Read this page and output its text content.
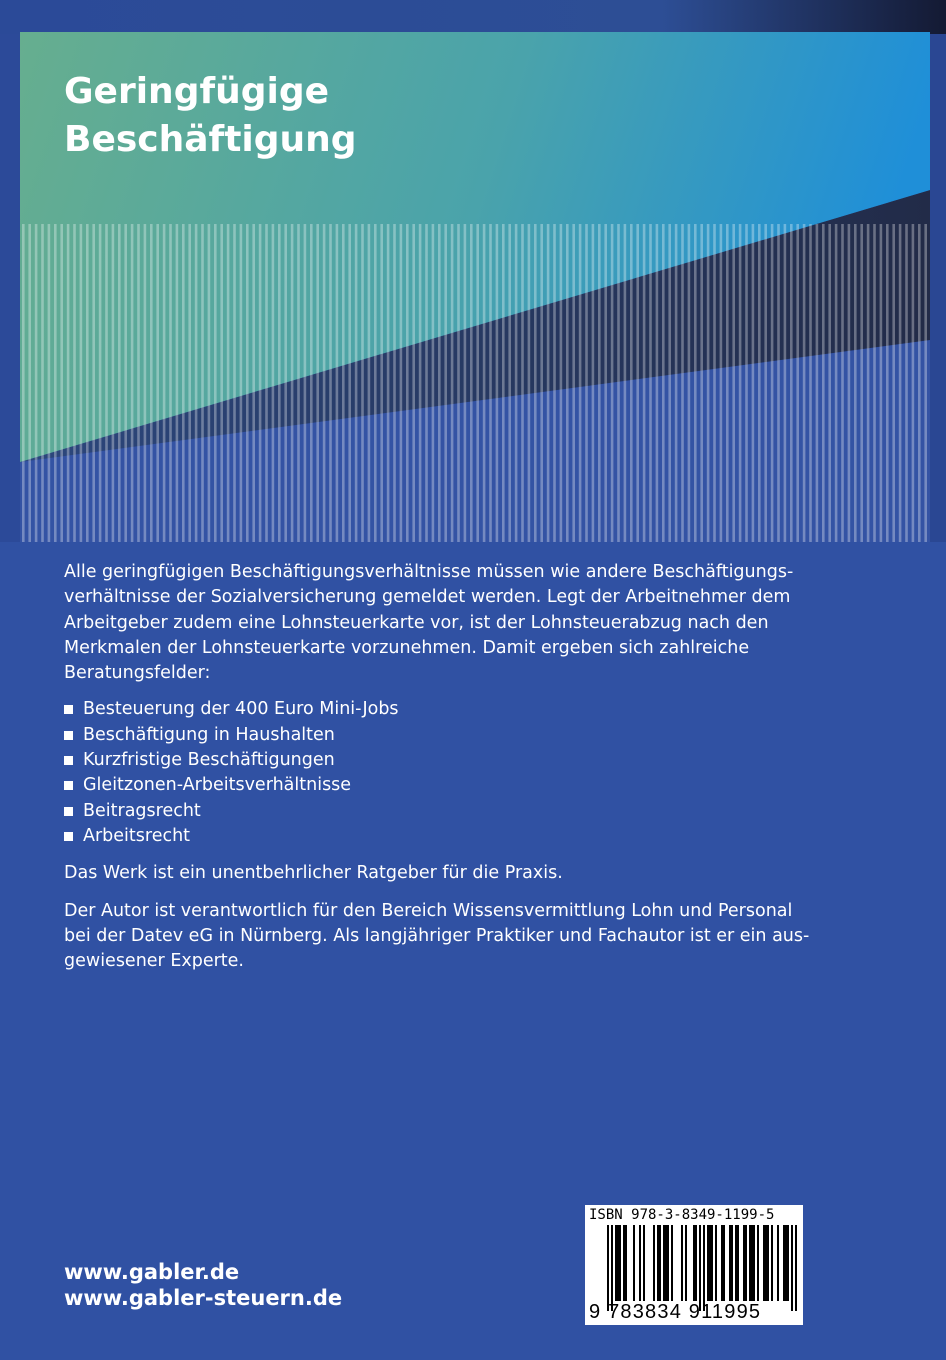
Geringfügige
Beschäftigung

Alle geringfügigen Beschäftigungsverhältnisse müssen wie andere Beschäftigungs-
verhältnisse der Sozialversicherung gemeldet werden. Legt der Arbeitnehmer dem
Arbeitgeber zudem eine Lohnsteuerkarte vor, ist der Lohnsteuerabzug nach den
Merkmalen der Lohnsteuerkarte vorzunehmen. Damit ergeben sich zahlreiche
Beratungsfelder:

Besteuerung der 400 Euro Mini-Jobs
Beschäftigung in Haushalten
Kurzfristige Beschäftigungen
Gleitzonen-Arbeitsverhältnisse
Beitragsrecht
Arbeitsrecht

Das Werk ist ein unentbehrlicher Ratgeber für die Praxis.

Der Autor ist verantwortlich für den Bereich Wissensvermittlung Lohn und Personal
bei der Datev eG in Nürnberg. Als langjähriger Praktiker und Fachautor ist er ein aus-
gewiesener Experte.

www.gabler.de
www.gabler-steuern.de
ISBN 978-3-8349-1199-5
9 783834 911995
